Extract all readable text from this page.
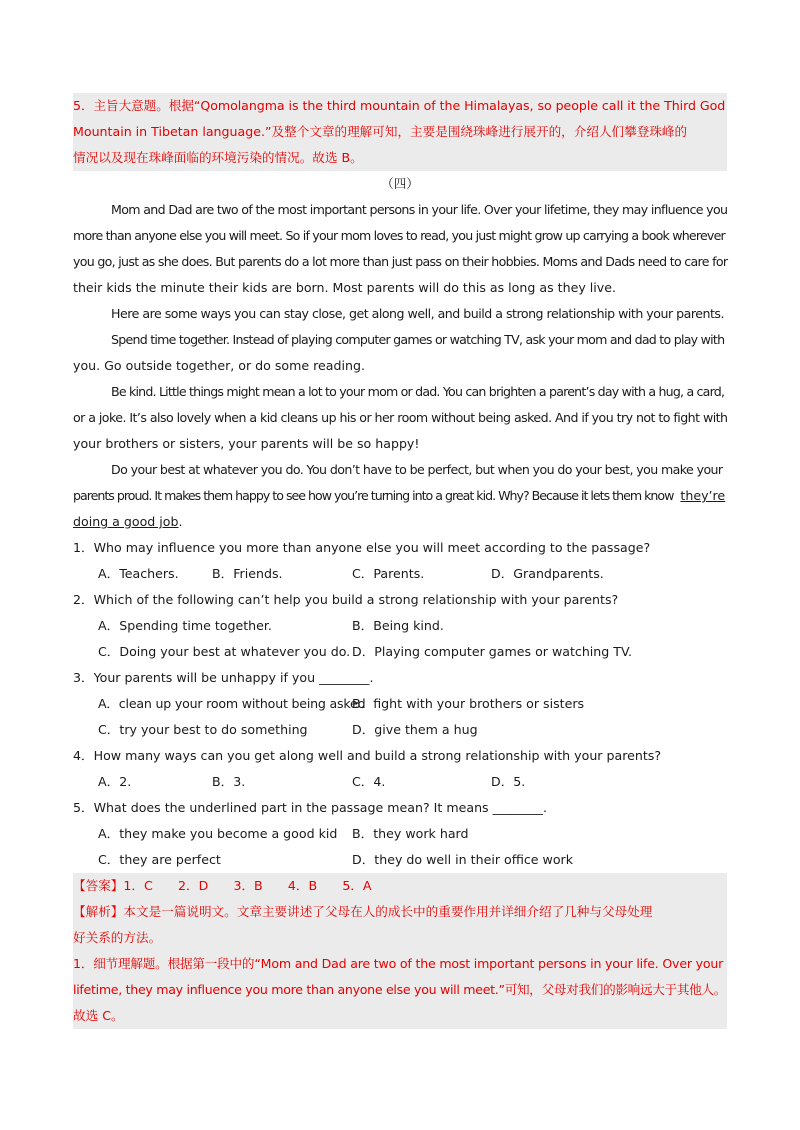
5．主旨大意题。根据“Qomolangma is the third mountain of the Himalayas, so people call it the Third God
Mountain in Tibetan language.”及整个文章的理解可知，主要是围绕珠峰进行展开的，介绍人们攀登珠峰的
情况以及现在珠峰面临的环境污染的情况。故选 B。
（四）
Mom and Dad are two of the most important persons in your life. Over your lifetime, they may influence you
more than anyone else you will meet. So if your mom loves to read, you just might grow up carrying a book wherever
you go, just as she does. But parents do a lot more than just pass on their hobbies. Moms and Dads need to care for
their kids the minute their kids are born. Most parents will do this as long as they live.
Here are some ways you can stay close, get along well, and build a strong relationship with your parents.
Spend time together. Instead of playing computer games or watching TV, ask your mom and dad to play with
you. Go outside together, or do some reading.
Be kind. Little things might mean a lot to your mom or dad. You can brighten a parent’s day with a hug, a card,
or a joke. It’s also lovely when a kid cleans up his or her room without being asked. And if you try not to fight with
your brothers or sisters, your parents will be so happy!
Do your best at whatever you do. You don’t have to be perfect, but when you do your best, you make your
parents proud. It makes them happy to see how you’re turning into a great kid. Why? Because it lets them know they’re
doing a good job.
1．Who may influence you more than anyone else you will meet according to the passage?
A．Teachers.	B．Friends.	C．Parents.	D．Grandparents.
2．Which of the following can’t help you build a strong relationship with your parents?
A．Spending time together.	B．Being kind.
C．Doing your best at whatever you do. D．Playing computer games or watching TV.
3．Your parents will be unhappy if you ________.
A．clean up your room without being asked
B．fight with your brothers or sisters
C．try your best to do something	D．give them a hug
4．How many ways can you get along well and build a strong relationship with your parents?
A．2.	B．3.	C．4.	D．5.
5．What does the underlined part in the passage mean? It means ________.
A．they make you become a good kid B．they work hard
C．they are perfect	D．they do well in their office work
【答案】1．C　　2．D　　3．B　　4．B　　5．A
【解析】本文是一篇说明文。文章主要讲述了父母在人的成长中的重要作用并详细介绍了几种与父母处理
好关系的方法。
1．细节理解题。根据第一段中的“Mom and Dad are two of the most important persons in your life. Over your
lifetime, they may influence you more than anyone else you will meet.”可知，父母对我们的影响远大于其他人。
故选 C。
